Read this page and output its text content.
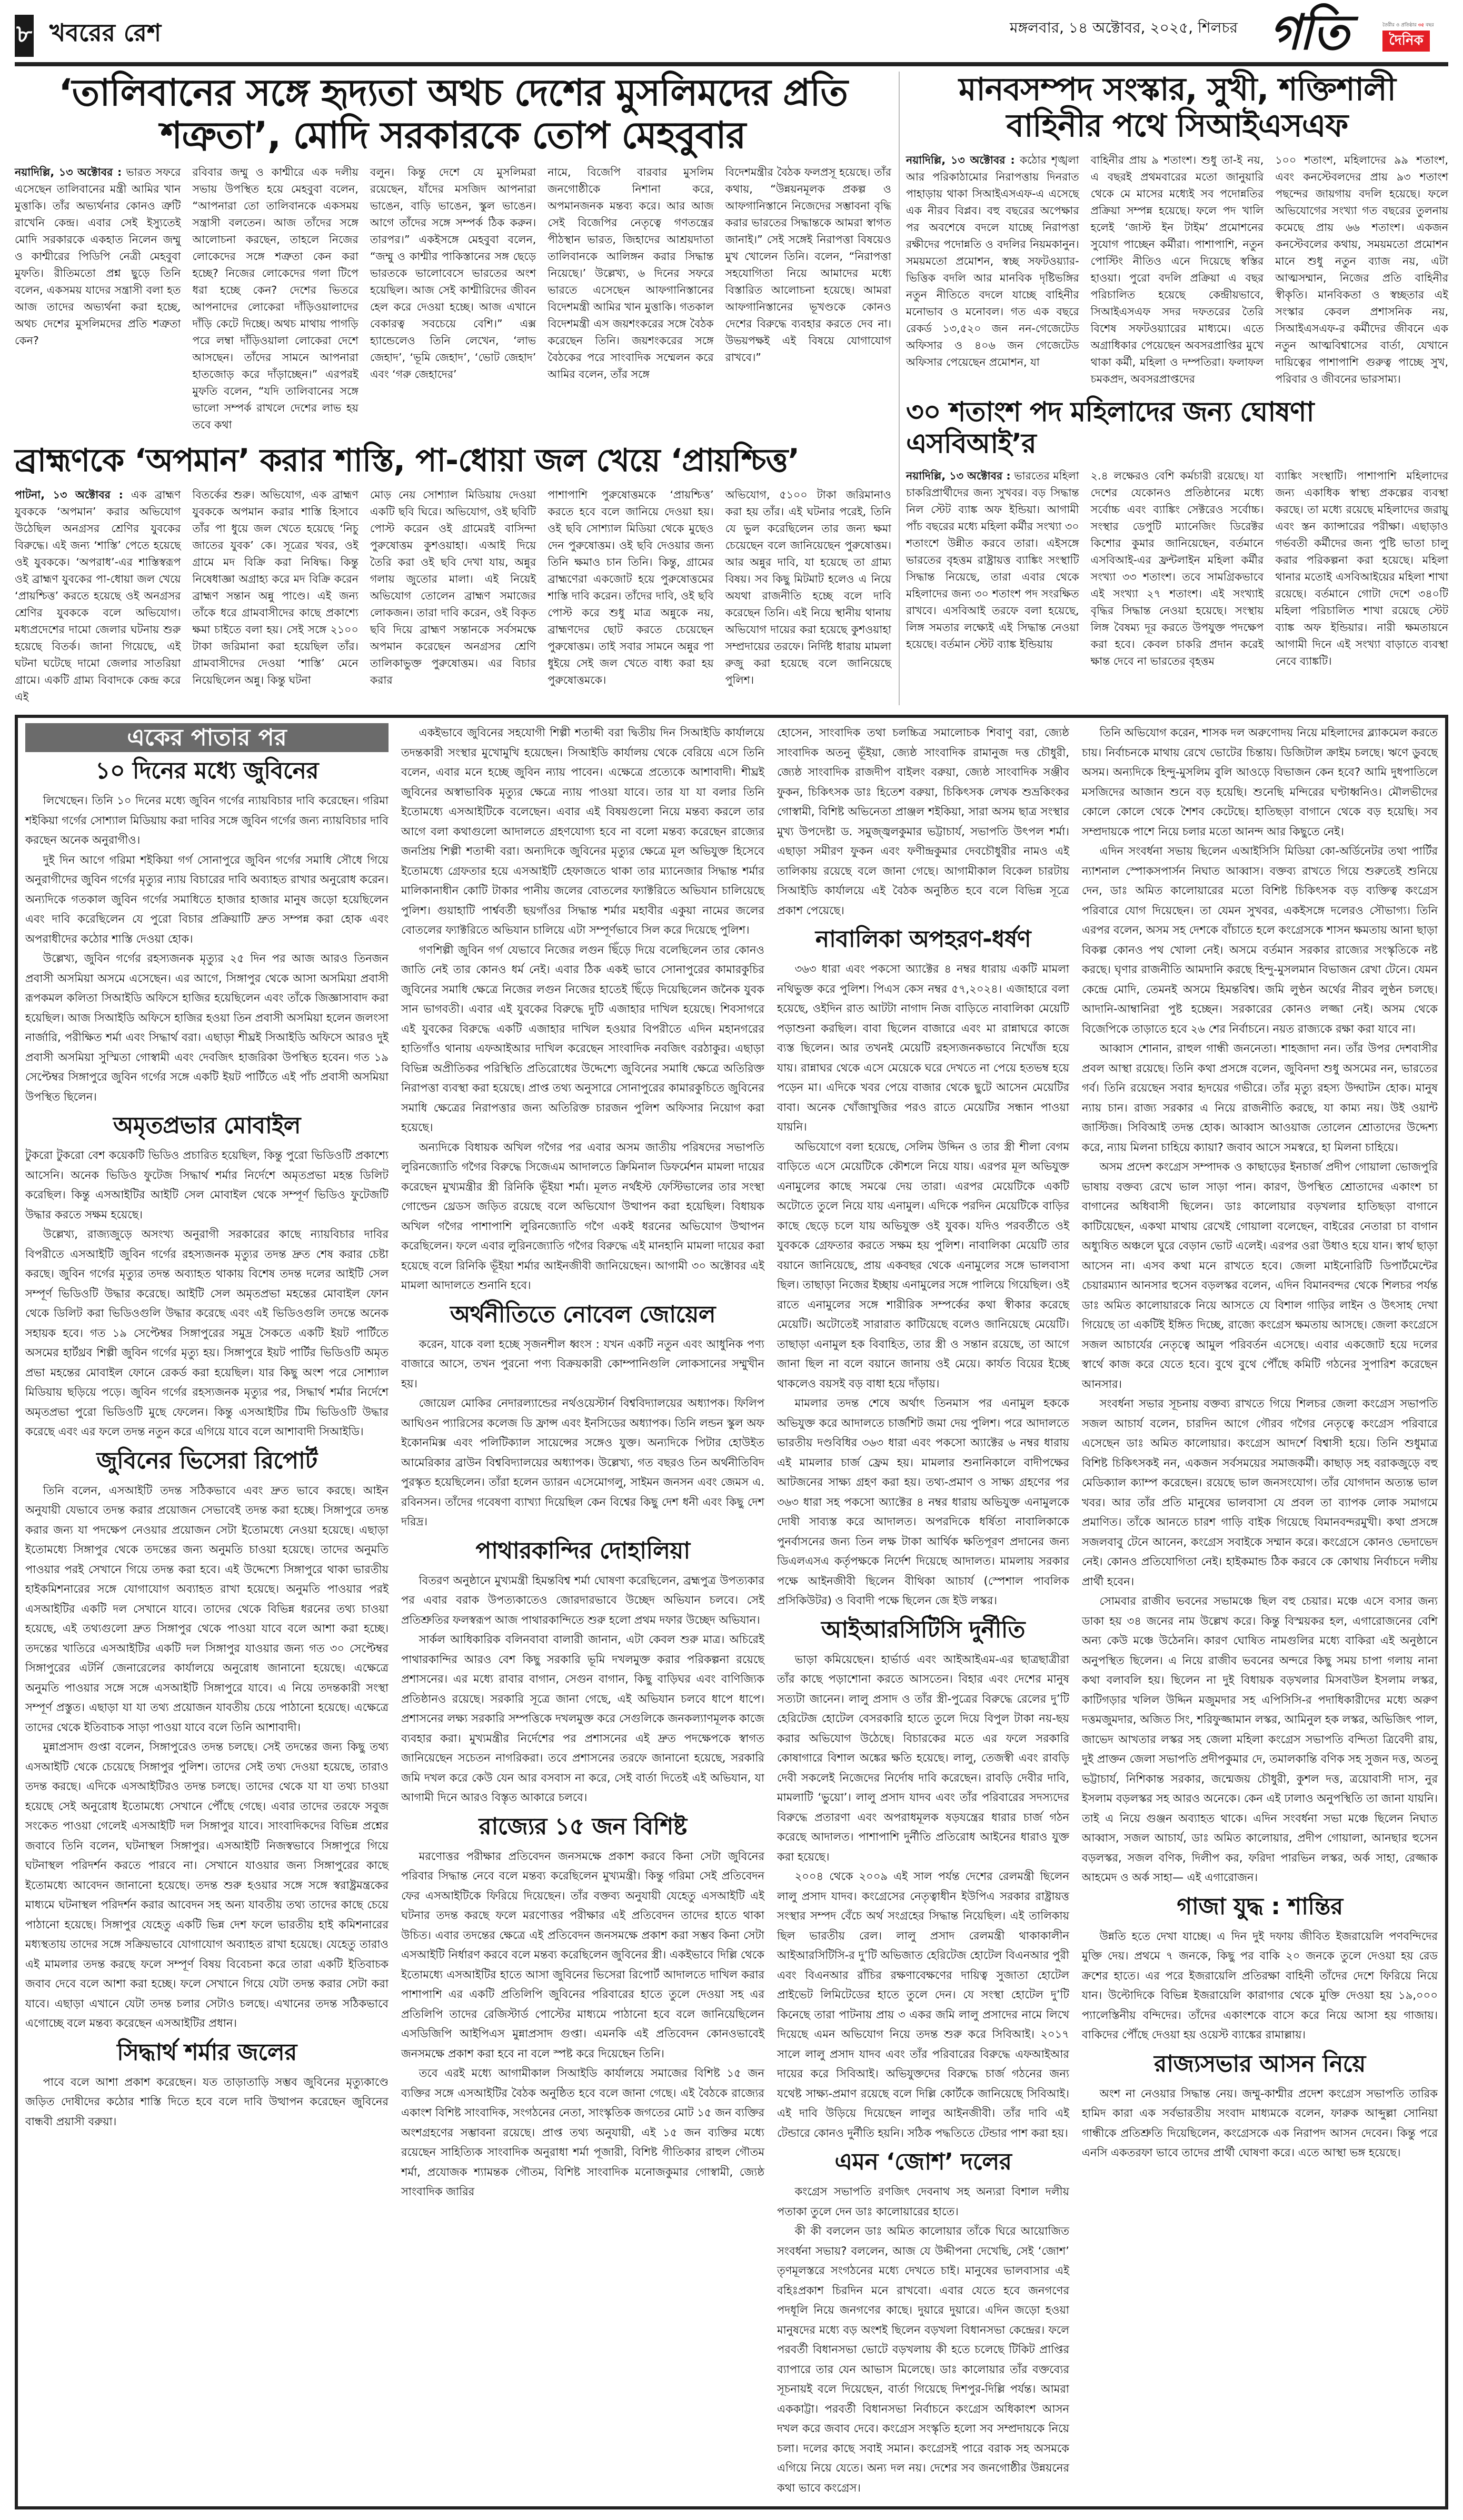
৮ খবরের রেশ	মঙ্গলবার, ১৪ অক্টোবর, ২০২৫, শিলচর গতি	তৈরীর ও প্রতিষ্ঠার ৩৫ বছর
দৈনিক
‘তালিবানের সঙ্গে হৃদ্যতা অথচ দেশের মুসলিমদের প্রতি শত্রুতা’, মোদি সরকারকে তোপ মেহবুবার

নয়াদিল্লি, ১৩ অক্টোবর : ভারত সফরে এসেছেন তালিবানের মন্ত্রী আমির খান মুত্তাকি। তাঁর অভ্যর্থনার কোনও ত্রুটি রাখেনি কেন্দ্র। এবার সেই ইস্যুতেই মোদি সরকারকে একহাত নিলেন জম্মু ও কাশ্মীরের পিডিপি নেত্রী মেহবুবা মুফতি। রীতিমতো প্রশ্ন ছুড়ে তিনি বলেন, একসময় যাদের সন্ত্রাসী বলা হত আজ তাদের অভ্যর্থনা করা হচ্ছে, অথচ দেশের মুসলিমদের প্রতি শত্রুতা কেন?

রবিবার জম্মু ও কাশ্মীরে এক দলীয় সভায় উপস্থিত হয়ে মেহবুবা বলেন, “আপনারা তো তালিবানকে একসময় সন্ত্রাসী বলতেন। আজ তাঁদের সঙ্গে আলোচনা করছেন, তাহলে নিজের লোকেদের সঙ্গে শত্রুতা কেন করা হচ্ছে? নিজের লোকেদের গলা টিপে ধরা হচ্ছে কেন? দেশের ভিতরে আপনাদের লোকেরা দাঁড়িওয়ালাদের দাঁড়ি কেটে দিচ্ছে। অথচ মাথায় পাগড়ি পরে লম্বা দাঁড়িওয়ালা লোকেরা দেশে আসছেন। তাঁদের সামনে আপনারা হাতজোড় করে দাঁড়াচ্ছেন।” এরপরই মুফতি বলেন, “যদি তালিবানের সঙ্গে ভালো সম্পর্ক রাখলে দেশের লাভ হয় তবে কথা

বলুন। কিন্তু দেশে যে মুসলিমরা রয়েছেন, যাঁদের মসজিদ আপনারা ভাঙেন, বাড়ি ভাঙেন, স্কুল ভাঙেন। আগে তাঁদের সঙ্গে সম্পর্ক ঠিক করুন। তারপর।” একইসঙ্গে মেহবুবা বলেন, “জম্মু ও কাশ্মীর পাকিস্তানের সঙ্গ ছেড়ে ভারতকে ভালোবেসে ভারতের অংশ হয়েছিল। আজ সেই কাশ্মীরিদের জীবন হেল করে দেওয়া হচ্ছে। আজ এখানে বেকারত্ব সবচেয়ে বেশি।” এক্স হ্যান্ডেলেও তিনি লেখেন, ‘লাভ জেহাদ’, ‘ভূমি জেহাদ’, ‘ভোট জেহাদ’ এবং ‘গরু জেহাদের’

নামে, বিজেপি বারবার মুসলিম জনগোষ্ঠীকে নিশানা করে, অপমানজনক মন্তব্য করে। আর আজ সেই বিজেপির নেতৃত্বে গণতন্ত্রের পীঠস্থান ভারত, জিহাদের আশ্রয়দাতা তালিবানকে আলিঙ্গন করার সিদ্ধান্ত নিয়েছে।’ উল্লেখ্য, ৬ দিনের সফরে ভারতে এসেছেন আফগানিস্তানের বিদেশমন্ত্রী আমির খান মুত্তাকি। গতকাল বিদেশমন্ত্রী এস জয়শংকরের সঙ্গে বৈঠক করেছেন তিনি। জয়শংকরের সঙ্গে বৈঠকের পরে সাংবাদিক সম্মেলন করে আমির বলেন, তাঁর সঙ্গে

বিদেশমন্ত্রীর বৈঠক ফলপ্রসূ হয়েছে। তাঁর কথায়, “উন্নয়নমূলক প্রকল্প ও আফগানিস্তানে নিজেদের সম্ভাবনা বৃদ্ধি করার ভারতের সিদ্ধান্তকে আমরা স্বাগত জানাই।” সেই সঙ্গেই নিরাপত্তা বিষয়েও মুখ খোলেন তিনি। বলেন, “নিরাপত্তা সহযোগিতা নিয়ে আমাদের মধ্যে বিস্তারিত আলোচনা হয়েছে। আমরা আফগানিস্তানের ভূখণ্ডকে কোনও দেশের বিরুদ্ধে ব্যবহার করতে দেব না। উভয়পক্ষই এই বিষয়ে যোগাযোগ রাখবে।”

ব্রাহ্মণকে ‘অপমান’ করার শাস্তি, পা-ধোয়া জল খেয়ে ‘প্রায়শ্চিত্ত’

পাটনা, ১৩ অক্টোবর : এক ব্রাহ্মণ যুবককে ‘অপমান’ করার অভিযোগ উঠেছিল অনগ্রসর শ্রেণির যুবকের বিরুদ্ধে। এই জন্য ‘শাস্তি’ পেতে হয়েছে ওই যুবককে। ‘অপরাধ’-এর শাস্তিস্বরূপ ওই ব্রাহ্মণ যুবকের পা-ধোয়া জল খেয়ে ‘প্রায়শ্চিত্ত’ করতে হয়েছে ওই অনগ্রসর শ্রেণির যুবককে বলে অভিযোগ। মধ্যপ্রদেশের দামো জেলার ঘটনায় শুরু হয়েছে বিতর্ক। জানা গিয়েছে, এই ঘটনা ঘটেছে দামো জেলার সাতরিয়া গ্রামে। একটি গ্রাম্য বিবাদকে কেন্দ্র করে এই

বিতর্কের শুরু। অভিযোগ, এক ব্রাহ্মণ যুবককে অপমান করার শাস্তি হিসাবে তাঁর পা ধুয়ে জল খেতে হয়েছে ‘নিচু জাতের যুবক’ কে। সূত্রের খবর, ওই গ্রামে মদ বিক্রি করা নিষিদ্ধ। কিন্তু নিষেধাজ্ঞা অগ্রাহ্য করে মদ বিক্রি করেন ব্রাহ্মণ সন্তান অন্নু পাণ্ডে। এই জন্য তাঁকে ধরে গ্রামবাসীদের কাছে প্রকাশ্যে ক্ষমা চাইতে বলা হয়। সেই সঙ্গে ২১০০ টাকা জরিমানা করা হয়েছিল তাঁর। গ্রামবাসীদের দেওয়া ‘শাস্তি’ মেনে নিয়েছিলেন অন্নু। কিন্তু ঘটনা

মোড় নেয় সোশ্যাল মিডিয়ায় দেওয়া একটি ছবি ঘিরে। অভিযোগ, ওই ছবিটি পোস্ট করেন ওই গ্রামেরই বাসিন্দা পুরুষোত্তম কুশওয়াহা। এআই দিয়ে তৈরি করা ওই ছবি দেখা যায়, অন্নুর গলায় জুতোর মালা। এই নিয়েই অভিযোগ তোলেন ব্রাহ্মণ সমাজের লোকজন। তারা দাবি করেন, ওই বিকৃত ছবি দিয়ে ব্রাহ্মণ সন্তানকে সর্বসমক্ষে অপমান করেছেন অনগ্রসর শ্রেণি তালিকাভুক্ত পুরুষোত্তম। এর বিচার করার

পাশাপাশি পুরুষোত্তমকে ‘প্রায়শ্চিত্ত’ করতে হবে বলে জানিয়ে দেওয়া হয়। ওই ছবি সোশ্যাল মিডিয়া থেকে মুছেও দেন পুরুষোত্তম। ওই ছবি দেওয়ার জন্য তিনি ক্ষমাও চান তিনি। কিন্তু, গ্রামের ব্রাহ্মণেরা একজোট হয়ে পুরুষোত্তমের শাস্তি দাবি করেন। তাঁদের দাবি, ওই ছবি পোস্ট করে শুধু মাত্র অন্নুকে নয়, ব্রাহ্মণদের ছোট করতে চেয়েছেন পুরুষোত্তম। তাই সবার সামনে অন্নুর পা ধুইয়ে সেই জল খেতে বাধ্য করা হয় পুরুষোত্তমকে।

অভিযোগ, ৫১০০ টাকা জরিমানাও করা হয় তাঁর। এই ঘটনার পরেই, তিনি যে ভুল করেছিলেন তার জন্য ক্ষমা চেয়েছেন বলে জানিয়েছেন পুরুষোত্তম। আর অন্নুর দাবি, যা হয়েছে তা গ্রাম্য বিষয়। সব কিছু মিটমাট হলেও এ নিয়ে অযথা রাজনীতি হচ্ছে বলে দাবি করেছেন তিনি। এই নিয়ে স্থানীয় থানায় অভিযোগ দায়ের করা হয়েছে কুশওয়াহা সম্প্রদায়ের তরফে। নির্দিষ্ট ধারায় মামলা রুজু করা হয়েছে বলে জানিয়েছে পুলিশ।

মানবসম্পদ সংস্কার, সুখী, শক্তিশালী বাহিনীর পথে সিআইএসএফ

নয়াদিল্লি, ১৩ অক্টোবর : কঠোর শৃঙ্খলা আর পরিকাঠামোর নিরাপত্তায় দিনরাত পাহাড়ায় থাকা সিআইএসএফ-এ এসেছে এক নীরব বিপ্লব। বহু বছরের অপেক্ষার পর অবশেষে বদলে যাচ্ছে নিরাপত্তা রক্ষীদের পদোন্নতি ও বদলির নিয়মকানুন। সময়মতো প্রমোশন, স্বচ্ছ সফটওয়্যার-ভিত্তিক বদলি আর মানবিক দৃষ্টিভঙ্গির নতুন নীতিতে বদলে যাচ্ছে বাহিনীর মনোভাব ও মনোবল। গত এক বছরে রেকর্ড ১৩,৫২০ জন নন-গেজেটেড অফিসার ও ৪০৬ জন গেজেটেড অফিসার পেয়েছেন প্রমোশন, যা

বাহিনীর প্রায় ৯ শতাংশ। শুধু তা-ই নয়, এ বছরই প্রথমবারের মতো জানুয়ারি থেকে মে মাসের মধ্যেই সব পদোন্নতির প্রক্রিয়া সম্পন্ন হয়েছে। ফলে পদ খালি হলেই ‘জাস্ট ইন টাইম’ প্রমোশনের সুযোগ পাচ্ছেন কর্মীরা। পাশাপাশি, নতুন পোস্টিং নীতিও এনে দিয়েছে স্বস্তির হাওয়া। পুরো বদলি প্রক্রিয়া এ বছর পরিচালিত হয়েছে কেন্দ্রীয়ভাবে, সিআইএসএফ সদর দফতরের তৈরি বিশেষ সফটওয়্যারের মাধ্যমে। এতে অগ্রাধিকার পেয়েছেন অবসরপ্রাপ্তির মুখে থাকা কর্মী, মহিলা ও দম্পতিরা। ফলাফল চমকপ্রদ, অবসরপ্রাপ্তদের

১০০ শতাংশ, মহিলাদের ৯৯ শতাংশ, এবং কনস্টেবলদের প্রায় ৯৩ শতাংশ পছন্দের জায়গায় বদলি হয়েছে। ফলে অভিযোগের সংখ্যা গত বছরের তুলনায় কমেছে প্রায় ৬৬ শতাংশ। একজন কনস্টেবলের কথায়, সময়মতো প্রমোশন মানে শুধু নতুন ব্যাজ নয়, এটা আত্মসম্মান, নিজের প্রতি বাহিনীর স্বীকৃতি। মানবিকতা ও স্বচ্ছতার এই সংস্কার কেবল প্রশাসনিক নয়, সিআইএসএফ-র কর্মীদের জীবনে এক নতুন আত্মবিশ্বাসের বার্তা, যেখানে দায়িত্বের পাশাপাশি গুরুত্ব পাচ্ছে সুখ, পরিবার ও জীবনের ভারসাম্য।

৩০ শতাংশ পদ মহিলাদের জন্য ঘোষণা এসবিআই’র

নয়াদিল্লি, ১৩ অক্টোবর : ভারতের মহিলা চাকরিপ্রার্থীদের জন্য সুখবর। বড় সিদ্ধান্ত নিল স্টেট ব্যাঙ্ক অফ ইন্ডিয়া। আগামী পাঁচ বছরের মধ্যে মহিলা কর্মীর সংখ্যা ৩০ শতাংশে উন্নীত করবে তারা। এইসঙ্গে ভারতের বৃহত্তম রাষ্ট্রায়ত্ত ব্যাঙ্কিং সংস্থাটি সিদ্ধান্ত নিয়েছে, তারা এবার থেকে মহিলাদের জন্য ৩০ শতাংশ পদ সংরক্ষিত রাখবে। এসবিআই তরফে বলা হয়েছে, লিঙ্গ সমতার লক্ষ্যেই এই সিদ্ধান্ত নেওয়া হয়েছে। বর্তমান স্টেট ব্যাঙ্ক ইন্ডিয়ায়

২.৪ লক্ষেরও বেশি কর্মচারী রয়েছে। যা দেশের যেকোনও প্রতিষ্ঠানের মধ্যে সর্বোচ্চ এবং ব্যাঙ্কিং সেক্টরেও সর্বোচ্চ। সংস্থার ডেপুটি ম্যানেজিং ডিরেক্টর কিশোর কুমার জানিয়েছেন, বর্তমানে এসবিআই-এর ফ্রন্টলাইন মহিলা কর্মীর সংখ্যা ৩৩ শতাংশ। তবে সামগ্রিকভাবে এই সংখ্যা ২৭ শতাংশ। এই সংখ্যাই বৃদ্ধির সিদ্ধান্ত নেওয়া হয়েছে। সংস্থায় লিঙ্গ বৈষম্য দূর করতে উপযুক্ত পদক্ষেপ করা হবে। কেবল চাকরি প্রদান করেই ক্ষান্ত দেবে না ভারতের বৃহত্তম

ব্যাঙ্কিং সংস্থাটি। পাশাপাশি মহিলাদের জন্য একাধিক স্বাস্থ্য প্রকল্পের ব্যবস্থা করছে। তা মধ্যে রয়েছে মহিলাদের জরায়ু এবং স্তন ক্যান্সারের পরীক্ষা। এছাড়াও গর্ভবতী কর্মীদের জন্য পুষ্টি ভাতা চালু করার পরিকল্পনা করা হয়েছে। মহিলা থানার মতোই এসবিআইয়ের মহিলা শাখা রয়েছে। বর্তমানে গোটা দেশে ৩৪০টি মহিলা পরিচালিত শাখা রয়েছে স্টেট ব্যাঙ্ক অফ ইন্ডিয়ার। নারী ক্ষমতায়নে আগামী দিনে এই সংখ্যা বাড়াতে ব্যবস্থা নেবে ব্যাঙ্কটি।

একের পাতার পর
১০ দিনের মধ্যে জুবিনের

লিখেছেন। তিনি ১০ দিনের মধ্যে জুবিন গর্গের ন্যায়বিচার দাবি করেছেন। গরিমা শইকিয়া গর্গের সোশ্যাল মিডিয়ায় করা দাবির সঙ্গে জুবিন গর্গের জন্য ন্যায়বিচার দাবি করছেন অনেক অনুরাগীও।

দুই দিন আগে গরিমা শইকিয়া গর্গ সোনাপুরে জুবিন গর্গের সমাধি সৌধে গিয়ে অনুরাগীদের জুবিন গর্গের মৃত্যুর ন্যায় বিচারের দাবি অব্যাহত রাখার অনুরোধ করেন। অন্যদিকে গতকাল জুবিন গর্গের সমাধিতে হাজার হাজার মানুষ জড়ো হয়েছিলেন এবং দাবি করেছিলেন যে পুরো বিচার প্রক্রিয়াটি দ্রুত সম্পন্ন করা হোক এবং অপরাধীদের কঠোর শাস্তি দেওয়া হোক।

উল্লেখ্য, জুবিন গর্গের রহস্যজনক মৃত্যুর ২৫ দিন পর আজ আরও তিনজন প্রবাসী অসমিয়া অসমে এসেছেন। এর আগে, সিঙ্গাপুর থেকে আসা অসমিয়া প্রবাসী রূপকমল কলিতা সিআইডি অফিসে হাজির হয়েছিলেন এবং তাঁকে জিজ্ঞাসাবাদ করা হয়েছিল। আজ সিআইডি অফিসে হাজির হওয়া তিন প্রবাসী অসমিয়া হলেন জলংসা নার্জারি, পরীক্ষিত শর্মা এবং সিদ্ধার্থ বরা। এছাড়া শীঘ্রই সিআইডি অফিসে আরও দুই প্রবাসী অসমিয়া সুস্মিতা গোস্বামী এবং দেবজিৎ হাজরিকা উপস্থিত হবেন। গত ১৯ সেপ্টেম্বর সিঙ্গাপুরে জুবিন গর্গের সঙ্গে একটি ইয়ট পার্টিতে এই পাঁচ প্রবাসী অসমিয়া উপস্থিত ছিলেন।

অমৃতপ্রভার মোবাইল

টুকরো টুকরো বেশ কয়েকটি ভিডিও প্রচারিত হয়েছিল, কিন্তু পুরো ভিডিওটি প্রকাশ্যে আসেনি। অনেক ভিডিও ফুটেজ সিদ্ধার্থ শর্মার নির্দেশে অমৃতপ্রভা মহন্ত ডিলিট করেছিল। কিন্তু এসআইটির আইটি সেল মোবাইল থেকে সম্পূর্ণ ভিডিও ফুটেজটি উদ্ধার করতে সক্ষম হয়েছে।

উল্লেখ্য, রাজ্যজুড়ে অসংখ্য অনুরাগী সরকারের কাছে ন্যায়বিচার দাবির বিপরীতে এসআইটি জুবিন গর্গের রহস্যজনক মৃত্যুর তদন্ত দ্রুত শেষ করার চেষ্টা করছে। জুবিন গর্গের মৃত্যুর তদন্ত অব্যাহত থাকায় বিশেষ তদন্ত দলের আইটি সেল সম্পূর্ণ ভিডিওটি উদ্ধার করেছে। আইটি সেল অমৃতপ্রভা মহন্তের মোবাইল ফোন থেকে ডিলিট করা ভিডিওগুলি উদ্ধার করেছে এবং এই ভিডিওগুলি তদন্তে অনেক সহায়ক হবে। গত ১৯ সেপ্টেম্বর সিঙ্গাপুরের সমুদ্র সৈকতে একটি ইয়ট পার্টিতে অসমের হার্টথ্রব শিল্পী জুবিন গর্গের মৃত্যু হয়। সিঙ্গাপুরে ইয়ট পার্টির ভিডিওটি অমৃত প্রভা মহন্তের মোবাইল ফোনে রেকর্ড করা হয়েছিল। যার কিছু অংশ পরে সোশ্যাল মিডিয়ায় ছড়িয়ে পড়ে। জুবিন গর্গের রহস্যজনক মৃত্যুর পর, সিদ্ধার্থ শর্মার নির্দেশে অমৃতপ্রভা পুরো ভিডিওটি মুছে ফেলেন। কিন্তু এসআইটির টিম ভিডিওটি উদ্ধার করেছে এবং এর ফলে তদন্ত নতুন করে এগিয়ে যাবে বলে আশাবাদী সিআইডি।

জুবিনের ভিসেরা রিপোর্ট

তিনি বলেন, এসআইটি তদন্ত সঠিকভাবে এবং দ্রুত ভাবে করছে। আইন অনুযায়ী যেভাবে তদন্ত করার প্রয়োজন সেভাবেই তদন্ত করা হচ্ছে। সিঙ্গাপুরে তদন্ত করার জন্য যা পদক্ষেপ নেওয়ার প্রয়োজন সেটা ইতোমধ্যে নেওয়া হয়েছে। এছাড়া ইতোমধ্যে সিঙ্গাপুর থেকে তদন্তের জন্য অনুমতি চাওয়া হয়েছে। তাদের অনুমতি পাওয়ার পরই সেখানে গিয়ে তদন্ত করা হবে। এই উদ্দেশ্যে সিঙ্গাপুরে থাকা ভারতীয় হাইকমিশনারের সঙ্গে যোগাযোগ অব্যাহত রাখা হয়েছে। অনুমতি পাওয়ার পরই এসআইটির একটি দল সেখানে যাবে। তাদের থেকে বিভিন্ন ধরনের তথ্য চাওয়া হয়েছে, এই তথ্যগুলো দ্রুত সিঙ্গাপুর থেকে পাওয়া যাবে বলে আশা করা হচ্ছে। তদন্তের খাতিরে এসআইটির একটি দল সিঙ্গাপুর যাওয়ার জন্য গত ৩০ সেপ্টেম্বর সিঙ্গাপুরের এটর্নি জেনারেলের কার্যালয়ে অনুরোধ জানানো হয়েছে। এক্ষেত্রে অনুমতি পাওয়ার সঙ্গে সঙ্গে এসআইটি সিঙ্গাপুরে যাবে। এ নিয়ে তদন্তকারী সংস্থা সম্পূর্ণ প্রস্তুত। এছাড়া যা যা তথ্য প্রয়োজন যাবতীয় চেয়ে পাঠানো হয়েছে। এক্ষেত্রে তাদের থেকে ইতিবাচক সাড়া পাওয়া যাবে বলে তিনি আশাবাদী।

মুন্নাপ্রসাদ গুপ্তা বলেন, সিঙ্গাপুরেও তদন্ত চলছে। সেই তদন্তের জন্য কিছু তথ্য এসআইটি থেকে চেয়েছে সিঙ্গাপুর পুলিশ। তাদের সেই তথ্য দেওয়া হয়েছে, তারাও তদন্ত করছে। এদিকে এসআইটিরও তদন্ত চলছে। তাদের থেকে যা যা তথ্য চাওয়া হয়েছে সেই অনুরোধ ইতোমধ্যে সেখানে পৌঁছে গেছে। এবার তাদের তরফে সবুজ সংকেত পাওয়া গেলেই এসআইটি দল সিঙ্গাপুর যাবে। সাংবাদিকদের বিভিন্ন প্রশ্নের জবাবে তিনি বলেন, ঘটনাস্থল সিঙ্গাপুর। এসআইটি নিজস্বভাবে সিঙ্গাপুরে গিয়ে ঘটনাস্থল পরিদর্শন করতে পারবে না। সেখানে যাওয়ার জন্য সিঙ্গাপুরের কাছে ইতোমধ্যে আবেদন জানানো হয়েছে। তদন্ত শুরু হওয়ার সঙ্গে সঙ্গে স্বরাষ্ট্রমন্ত্রকের মাধ্যমে ঘটনাস্থল পরিদর্শন করার আবেদন সহ অন্য যাবতীয় তথ্য তাদের কাছে চেয়ে পাঠানো হয়েছে। সিঙ্গাপুর যেহেতু একটি ভিন্ন দেশ ফলে ভারতীয় হাই কমিশনারের মধ্যস্থতায় তাদের সঙ্গে সক্রিয়ভাবে যোগাযোগ অব্যাহত রাখা হয়েছে। যেহেতু তারাও এই মামলার তদন্ত করছে ফলে সম্পূর্ণ বিষয় বিবেচনা করে তারা একটি ইতিবাচক জবাব দেবে বলে আশা করা হচ্ছে। ফলে সেখানে গিয়ে যেটা তদন্ত করার সেটা করা যাবে। এছাড়া এখানে যেটা তদন্ত চলার সেটাও চলছে। এখানের তদন্ত সঠিকভাবে এগোচ্ছে বলে মন্তব্য করেছেন এসআইটির প্রধান।

সিদ্ধার্থ শর্মার জলের

পাবে বলে আশা প্রকাশ করেছেন। যত তাড়াতাড়ি সম্ভব জুবিনের মৃত্যুকাণ্ডে জড়িত দোষীদের কঠোর শাস্তি দিতে হবে বলে দাবি উত্থাপন করেছেন জুবিনের বান্ধবী প্রয়াসী বরুয়া।

একইভাবে জুবিনের সহযোগী শিল্পী শতাব্দী বরা দ্বিতীয় দিন সিআইডি কার্যালয়ে তদন্তকারী সংস্থার মুখোমুখি হয়েছেন। সিআইডি কার্যালয় থেকে বেরিয়ে এসে তিনি বলেন, এবার মনে হচ্ছে জুবিন ন্যায় পাবেন। এক্ষেত্রে প্রত্যেকে আশাবাদী। শীঘ্রই জুবিনের অস্বাভাবিক মৃত্যুর ক্ষেত্রে ন্যায় পাওয়া যাবে। তার যা যা বলার তিনি ইতোমধ্যে এসআইটিকে বলেছেন। এবার এই বিষয়গুলো নিয়ে মন্তব্য করলে তার আগে বলা কথাগুলো আদালতে গ্রহণযোগ্য হবে না বলো মন্তব্য করেছেন রাজ্যের জনপ্রিয় শিল্পী শতাব্দী বরা। অন্যদিকে জুবিনের মৃত্যুর ক্ষেত্রে মূল অভিযুক্ত হিসেবে ইতোমধ্যে গ্রেফতার হয়ে এসআইটি হেফাজতে থাকা তার ম্যানেজার সিদ্ধান্ত শর্মার মালিকানাধীন কোটি টাকার পানীয় জলের বোতলের ফ্যাক্টরিতে অভিযান চালিয়েছে পুলিশ। গুয়াহাটি পার্শ্ববর্তী ছয়গাঁওর সিদ্ধান্ত শর্মার মহাবীর একুয়া নামের জলের বোতলের ফ্যাক্টরিতে অভিযান চালিয়ে এটা সম্পূর্ণভাবে সিল করে দিয়েছে পুলিশ।

গণশিল্পী জুবিন গর্গ যেভাবে নিজের লগুন ছিঁড়ে দিয়ে বলেছিলেন তার কোনও জাতি নেই তার কোনও ধর্ম নেই। এবার ঠিক একই ভাবে সোনাপুরের কামারকুচির জুবিনের সমাধি ক্ষেত্রে নিজের লগুন নিজের হাতেই ছিঁড়ে দিয়েছিলেন জনৈক যুবক সান ভাগবতী। এবার এই যুবকের বিরুদ্ধে দুটি এজাহার দাখিল হয়েছে। শিবসাগরে এই যুবকের বিরুদ্ধে একটি এজাহার দাখিল হওয়ার বিপরীতে এদিন মহানগরের হাতিগাঁও থানায় এফআইআর দাখিল করেছেন সাংবাদিক নবজিৎ বরঠাকুর। এছাড়া বিভিন্ন অপ্রীতিকর পরিস্থিতি প্রতিরোধের উদ্দেশ্যে জুবিনের সমাধি ক্ষেত্রে অতিরিক্ত নিরাপত্তা ব্যবস্থা করা হয়েছে। প্রাপ্ত তথ্য অনুসারে সোনাপুরের কামারকুচিতে জুবিনের সমাধি ক্ষেত্রের নিরাপত্তার জন্য অতিরিক্ত চারজন পুলিশ অফিসার নিয়োগ করা হয়েছে।

অন্যদিকে বিধায়ক অখিল গগৈর পর এবার অসম জাতীয় পরিষদের সভাপতি লুরিনজ্যোতি গগৈর বিরুদ্ধে সিজেএম আদালতে ক্রিমিনাল ডিফর্মেশন মামলা দায়ের করেছেন মুখ্যমন্ত্রীর স্ত্রী রিনিকি ভূঁইয়া শর্মা। মূলত নর্থইস্ট ফেস্টিভালের তার সংস্থা গোল্ডেন থ্রেডস জড়িত রয়েছে বলে অভিযোগ উত্থাপন করা হয়েছিল। বিধায়ক অখিল গগৈর পাশাপাশি লুরিনজ্যোতি গগৈ একই ধরনের অভিযোগ উত্থাপন করেছিলেন। ফলে এবার লুরিনজ্যোতি গগৈর বিরুদ্ধে এই মানহানি মামলা দায়ের করা হয়েছে বলে রিনিকি ভূঁইয়া শর্মার আইনজীবী জানিয়েছেন। আগামী ৩০ অক্টোবর এই মামলা আদালতে শুনানি হবে।

অর্থনীতিতে নোবেল জোয়েল

করেন, যাকে বলা হচ্ছে সৃজনশীল ধ্বংস : যখন একটি নতুন এবং আধুনিক পণ্য বাজারে আসে, তখন পুরনো পণ্য বিক্রয়কারী কোম্পানিগুলি লোকসানের সম্মুখীন হয়।

জোয়েল মোকির নেদারল্যান্ডের নর্থওয়েস্টার্ন বিশ্ববিদ্যালয়ের অধ্যাপক। ফিলিপ আঘিওন প্যারিসের কলেজ ডি ফ্রান্স এবং ইনসিডের অধ্যাপক। তিনি লন্ডন স্কুল অফ ইকোনমিক্স এবং পলিটিক্যাল সায়েন্সের সঙ্গেও যুক্ত। অন্যদিকে পিটার হোউইত আমেরিকার ব্রাউন বিশ্ববিদ্যালয়ের অধ্যাপক। উল্লেখ্য, গত বছরও তিন অর্থনীতিবিদ পুরস্কৃত হয়েছিলেন। তাঁরা হলেন ড্যারন এসেমোগলু, সাইমন জনসন এবং জেমস এ. রবিনসন। তাঁদের গবেষণা ব্যাখ্যা দিয়েছিল কেন বিশ্বের কিছু দেশ ধনী এবং কিছু দেশ দরিদ্র।

পাথারকান্দির দোহালিয়া

বিতরণ অনুষ্ঠানে মুখ্যমন্ত্রী হিমন্তবিশ্ব শর্মা ঘোষণা করেছিলেন, ব্রহ্মপুত্র উপত্যকার পর এবার বরাক উপত্যকাতেও জোরদারভাবে উচ্ছেদ অভিযান চলবে। সেই প্রতিশ্রুতির ফলস্বরূপ আজ পাথারকান্দিতে শুরু হলো প্রথম দফার উচ্ছেদ অভিযান।

সার্কল আধিকারিক বলিনবাবা বালারী জানান, এটা কেবল শুরু মাত্র। অচিরেই পাথারকান্দির আরও বেশ কিছু সরকারি ভূমি দখলমুক্ত করার পরিকল্পনা রয়েছে প্রশাসনের। এর মধ্যে রাবার বাগান, সেগুন বাগান, কিছু বাড়িঘর এবং বাণিজ্যিক প্রতিষ্ঠানও রয়েছে। সরকারি সূত্রে জানা গেছে, এই অভিযান চলবে ধাপে ধাপে। প্রশাসনের লক্ষ্য সরকারি সম্পত্তিকে দখলমুক্ত করে সেগুলিকে জনকল্যাণমূলক কাজে ব্যবহার করা। মুখ্যমন্ত্রীর নির্দেশের পর প্রশাসনের এই দ্রুত পদক্ষেপকে স্বাগত জানিয়েছেন সচেতন নাগরিকরা। তবে প্রশাসনের তরফে জানানো হয়েছে, সরকারি জমি দখল করে কেউ যেন আর বসবাস না করে, সেই বার্তা দিতেই এই অভিযান, যা আগামী দিনে আরও বিস্তৃত আকারে চলবে।

রাজ্যের ১৫ জন বিশিষ্ট

মরণোত্তর পরীক্ষার প্রতিবেদন জনসমক্ষে প্রকাশ করবে কিনা সেটা জুবিনের পরিবার সিদ্ধান্ত নেবে বলে মন্তব্য করেছিলেন মুখ্যমন্ত্রী। কিন্তু গরিমা সেই প্রতিবেদন ফের এসআইটিকে ফিরিয়ে দিয়েছেন। তাঁর বক্তব্য অনুযায়ী যেহেতু এসআইটি এই ঘটনার তদন্ত করছে ফলে মরণোত্তর পরীক্ষার এই প্রতিবেদন তাদের হাতে থাকা উচিত। এবার তদন্তের ক্ষেত্রে এই প্রতিবেদন জনসমক্ষে প্রকাশ করা সম্ভব কিনা সেটা এসআইটি নির্ধারণ করবে বলে মন্তব্য করেছিলেন জুবিনের স্ত্রী। একইভাবে দিল্লি থেকে ইতোমধ্যে এসআইটির হাতে আসা জুবিনের ভিসেরা রিপোর্ট আদালতে দাখিল করার পাশাপাশি এর একটি প্রতিলিপি জুবিনের পরিবারের হাতে তুলে দেওয়া সহ এর প্রতিলিপি তাদের রেজিস্টার্ড পোস্টের মাধ্যমে পাঠানো হবে বলে জানিয়েছিলেন এসডিজিপি আইপিএস মুন্নাপ্রসাদ গুপ্তা। এমনকি এই প্রতিবেদন কোনওভাবেই জনসমক্ষে প্রকাশ করা হবে না বলে স্পষ্ট করে দিয়েছেন তিনি।

তবে এরই মধ্যে আগামীকাল সিআইডি কার্যালয়ে সমাজের বিশিষ্ট ১৫ জন ব্যক্তির সঙ্গে এসআইটির বৈঠক অনুষ্ঠিত হবে বলে জানা গেছে। এই বৈঠকে রাজ্যের একাংশ বিশিষ্ট সাংবাদিক, সংগঠনের নেতা, সাংস্কৃতিক জগতের মোট ১৫ জন ব্যক্তির অংশগ্রহণের সম্ভাবনা রয়েছে। প্রাপ্ত তথ্য অনুযায়ী, এই ১৫ জন ব্যক্তির মধ্যে রয়েছেন সাহিত্যিক সাংবাদিক অনুরাধা শর্মা পূজারী, বিশিষ্ট গীতিকার রাহুল গৌতম শর্মা, প্রযোজক শ্যামন্তক গৌতম, বিশিষ্ট সাংবাদিক মনোজকুমার গোস্বামী, জ্যেষ্ঠ সাংবাদিক জারির

হোসেন, সাংবাদিক তথা চলচ্চিত্র সমালোচক শিবাণু বরা, জ্যেষ্ঠ সাংবাদিক অতনু ভূঁইয়া, জ্যেষ্ঠ সাংবাদিক রামানুজ দত্ত চৌধুরী, জ্যেষ্ঠ সাংবাদিক রাজদীপ বাইলং বরুয়া, জ্যেষ্ঠ সাংবাদিক সঞ্জীব ফুকন, চিকিৎসক ডাঃ হিতেশ বরুয়া, চিকিৎসক লেখক শুভ্রকিংকর গোস্বামী, বিশিষ্ট অভিনেতা প্রাঞ্জল শইকিয়া, সারা অসম ছাত্র সংস্থার মুখ্য উপদেষ্টা ড. সমুজ্জ্বলকুমার ভট্টাচার্য, সভাপতি উৎপল শর্মা। এছাড়া সমীরণ ফুকন এবং ফণীন্দ্রকুমার দেবচৌধুরীর নামও এই তালিকায় রয়েছে বলে জানা গেছে। আগামীকাল বিকেল চারটায় সিআইডি কার্যালয়ে এই বৈঠক অনুষ্ঠিত হবে বলে বিভিন্ন সূত্রে প্রকাশ পেয়েছে।

নাবালিকা অপহরণ-ধর্ষণ

৩৬৩ ধারা এবং পকসো অ্যাক্টের ৪ নম্বর ধারায় একটি মামলা নথিভুক্ত করে পুলিশ। পিএস কেস নম্বর ৫৭,২০২৪। এজাহারে বলা হয়েছে, ওইদিন রাত আটটা নাগাদ নিজ বাড়িতে নাবালিকা মেয়েটি পড়াশুনা করছিল। বাবা ছিলেন বাজারে এবং মা রান্নাঘরে কাজে ব্যস্ত ছিলেন। আর তখনই মেয়েটি রহস্যজনকভাবে নিখোঁজ হয়ে যায়। রান্নাঘর থেকে এসে মেয়েকে ঘরে দেখতে না পেয়ে হতভম্ব হয়ে পড়েন মা। এদিকে খবর পেয়ে বাজার থেকে ছুটে আসেন মেয়েটির বাবা। অনেক খোঁজাখুজির পরও রাতে মেয়েটির সন্ধান পাওয়া যায়নি।

অভিযোগে বলা হয়েছে, সেলিম উদ্দিন ও তার স্ত্রী শীলা বেগম বাড়িতে এসে মেয়েটিকে কৌশলে নিয়ে যায়। এরপর মূল অভিযুক্ত এনামুলের কাছে সমঝে দেয় তারা। এরপর মেয়েটিকে একটি অটোতে তুলে নিয়ে যায় এনামুল। এদিকে পরদিন মেয়েটিকে বাড়ির কাছে ছেড়ে চলে যায় অভিযুক্ত ওই যুবক। যদিও পরবর্তীতে ওই যুবককে গ্রেফতার করতে সক্ষম হয় পুলিশ। নাবালিকা মেয়েটি তার বয়ানে জানিয়েছে, প্রায় একবছর থেকে এনামুলের সঙ্গে ভালবাসা ছিল। তাছাড়া নিজের ইচ্ছায় এনামুলের সঙ্গে পালিয়ে গিয়েছিল। ওই রাতে এনামুলের সঙ্গে শারীরিক সম্পর্কের কথা স্বীকার করেছে মেয়েটি। অটোতেই সারারাত কাটিয়েছে বলেও জানিয়েছে মেয়েটি। তাছাড়া এনামুল হক বিবাহিত, তার স্ত্রী ও সন্তান রয়েছে, তা আগে জানা ছিল না বলে বয়ানে জানায় ওই মেয়ে। কার্যত বিয়ের ইচ্ছে থাকলেও বয়সই বড় বাধা হয়ে দাঁড়ায়।

মামলার তদন্ত শেষে অর্থাৎ তিনমাস পর এনামুল হককে অভিযুক্ত করে আদালতে চার্জশিট জমা দেয় পুলিশ। পরে আদালতে ভারতীয় দণ্ডবিধির ৩৬৩ ধারা এবং পকসো অ্যাক্টের ৬ নম্বর ধারায় এই মামলার চার্জ ফ্রেম হয়। মামলার শুনানিকালে বাদীপক্ষের আটজনের সাক্ষ্য গ্রহণ করা হয়। তথ্য-প্রমাণ ও সাক্ষ্য গ্রহণের পর ৩৬৩ ধারা সহ পকসো অ্যাক্টের ৪ নম্বর ধারায় অভিযুক্ত এনামুলকে দোষী সাব্যস্ত করে আদালত। অপরদিকে ধর্ষিতা নাবালিকাকে পুনর্বাসনের জন্য তিন লক্ষ টাকা আর্থিক ক্ষতিপূরণ প্রদানের জন্য ডিএলএসএ কর্তৃপক্ষকে নির্দেশ দিয়েছে আদালত। মামলায় সরকার পক্ষে আইনজীবী ছিলেন বীথিকা আচার্য (স্পেশাল পাবলিক প্রসিকিউটর) ও বিবাদী পক্ষে ছিলেন জে ইউ লস্কর।

আইআরসিটিসি দুর্নীতি

ভাড়া কমিয়েছেন। হার্ভার্ড এবং আইআইএম-এর ছাত্রছাত্রীরা তাঁর কাছে পড়াশোনা করতে আসতেন। বিহার এবং দেশের মানুষ সত্যটা জানেন। লালু প্রসাদ ও তাঁর স্ত্রী-পুত্রের বিরুদ্ধে রেলের দু’টি হেরিটেজ হোটেল বেসরকারি হাতে তুলে দিয়ে বিপুল টাকা নয়-ছয় করার অভিযোগ উঠেছে। বিচারকের মতে এর ফলে সরকারি কোষাগারে বিশাল অঙ্কের ক্ষতি হয়েছে। লালু, তেজস্বী এবং রাবড়ি দেবী সকলেই নিজেদের নির্দোষ দাবি করেছেন। রাবড়ি দেবীর দাবি, মামলাটি ‘ভুয়ো’। লালু প্রসাদ যাদব এবং তাঁর পরিবারের সদস্যদের বিরুদ্ধে প্রতারণা এবং অপরাধমূলক ষড়যন্ত্রের ধারার চার্জ গঠন করেছে আদালত। পাশাপাশি দুর্নীতি প্রতিরোধ আইনের ধারাও যুক্ত করা হয়েছে।

২০০৪ থেকে ২০০৯ এই সাল পর্যন্ত দেশের রেলমন্ত্রী ছিলেন লালু প্রসাদ যাদব। কংগ্রেসের নেতৃত্বাধীন ইউপিএ সরকার রাষ্ট্রায়ত্ত সংস্থার সম্পদ বেঁচে অর্থ সংগ্রহের সিদ্ধান্ত নিয়েছিল। এই তালিকায় ছিল ভারতীয় রেল। লালু প্রসাদ রেলমন্ত্রী থাকাকালীন আইআরসিটিসি-র দু’টি অভিজাত হেরিটেজ হোটেল বিএনআর পুরী এবং বিএনআর রাঁচির রক্ষণাবেক্ষণের দায়িত্ব সুজাতা হোটেল প্রাইভেট লিমিটেডের হাতে তুলে দেন। যে সংস্থা হোটেল দু’টি কিনেছে তারা পাটনায় প্রায় ৩ একর জমি লালু প্রসাদের নামে লিখে দিয়েছে এমন অভিযোগ নিয়ে তদন্ত শুরু করে সিবিআই। ২০১৭ সালে লালু প্রসাদ যাদব এবং তাঁর পরিবারের বিরুদ্ধে এফআইআর দায়ের করে সিবিআই। অভিযুক্তদের বিরুদ্ধে চার্জ গঠনের জন্য যথেষ্ট সাক্ষ্য-প্রমাণ রয়েছে বলে দিল্লি কোর্টকে জানিয়েছে সিবিআই। এই দাবি উড়িয়ে দিয়েছেন লালুর আইনজীবী। তাঁর দাবি এই টেন্ডারে কোনও দুর্নীতি হয়নি। সঠিক পদ্ধতিতে টেন্ডার পাশ করা হয়।

এমন ‘জোশ’ দলের

কংগ্রেস সভাপতি রণজিৎ দেবনাথ সহ অন্যরা বিশাল দলীয় পতাকা তুলে দেন ডাঃ কালোয়ারের হাতে।

কী কী বললেন ডাঃ অমিত কালোয়ার তাঁকে ঘিরে আয়োজিত সংবর্ধনা সভায়? বললেন, আজ যে উদ্দীপনা দেখেছি, সেই ‘জোশ’ তৃণমূলস্তরে সংগঠনের মধ্যে দেখতে চাই। মানুষের ভালবাসার এই বহিঃপ্রকাশ চিরদিন মনে রাখবো। এবার যেতে হবে জনগণের পদধূলি নিয়ে জনগণের কাছে। দুয়ারে দুয়ারে। এদিন জড়ো হওয়া মানুষদের মধ্যে বড় অংশই ছিলেন বড়খলা বিধানসভা কেন্দ্রের। ফলে পরবর্তী বিধানসভা ভোটে বড়খলায় কী হতে চলেছে টিকিট প্রাপ্তির ব্যাপারে তার যেন আভাস মিলেছে। ডাঃ কালোয়ার তাঁর বক্তব্যের সূচনায়ই বলে দিয়েছেন, বার্তা গিয়েছে দিশপুর-দিল্লি পর্যন্ত। আমরা এককাট্টা। পরবর্তী বিধানসভা নির্বাচনে কংগ্রেস অধিকাংশ আসন দখল করে জবাব দেবে। কংগ্রেস সংস্কৃতি হলো সব সম্প্রদায়কে নিয়ে চলা। দলের কাছে সবাই সমান। কংগ্রেসই পারে বরাক সহ অসমকে এগিয়ে নিয়ে যেতে। অন্য দল নয়। দেশের সব জনগোষ্ঠীর উন্নয়নের কথা ভাবে কংগ্রেস।

তিনি অভিযোগ করেন, শাসক দল অরুণোদয় নিয়ে মহিলাদের ব্ল্যাকমেল করতে চায়। নির্বাচনকে মাথায় রেখে ভোটের চিন্তায়। ডিজিটাল ক্রাইম চলছে। ঋণে ডুবছে অসম। অন্যদিকে হিন্দু-মুসলিম বুলি আওড়ে বিভাজন কেন হবে? আমি দুধপাতিলে মসজিদের আজান শুনে বড় হয়েছি। শুনেছি মন্দিরের ঘণ্টাধ্বনিও। মৌলভীদের কোলে কোলে থেকে শৈশব কেটেছে। হাতিছড়া বাগানে থেকে বড় হয়েছি। সব সম্প্রদায়কে পাশে নিয়ে চলার মতো আনন্দ আর কিছুতে নেই।

এদিন সংবর্ধনা সভায় ছিলেন এআইসিসি মিডিয়া কো-অর্ডিনেটর তথা পার্টির ন্যাশনাল স্পোকসপার্সন নিঘাত আব্বাস। বক্তব্য রাখতে গিয়ে শুরুতেই শুনিয়ে দেন, ডাঃ অমিত কালোয়ারের মতো বিশিষ্ট চিকিৎসক বড় ব্যক্তিত্ব কংগ্রেস পরিবারে যোগ দিয়েছেন। তা যেমন সুখবর, একইসঙ্গে দলেরও সৌভাগ্য। তিনি এরপর বলেন, অসম সহ দেশকে বাঁচাতে হলে কংগ্রেসকে শাসন ক্ষমতায় আনা ছাড়া বিকল্প কোনও পথ খোলা নেই। অসমে বর্তমান সরকার রাজ্যের সংস্কৃতিকে নষ্ট করছে। ঘৃণার রাজনীতি আমদানি করছে হিন্দু-মুসলমান বিভাজন রেখা টেনে। যেমন কেন্দ্রে মোদি, তেমনই অসমে হিমন্তবিশ্ব। জমি লুণ্ঠন অর্থের নীরব লুণ্ঠন চলছে। আদানি-আম্বানিরা পুষ্ট হচ্ছেন। সরকারের কোনও লজ্জা নেই। অসম থেকে বিজেপিকে তাড়াতে হবে ২৬ শের নির্বাচনে। নয়ত রাজ্যকে রক্ষা করা যাবে না।

আব্বাস শোনান, রাহুল গান্ধী জননেতা। শাহজাদা নন। তাঁর উপর দেশবাসীর প্রবল আস্থা রয়েছে। তিনি কথা প্রসঙ্গে বলেন, জুবিনদা শুধু অসমের নন, ভারতের গর্ব। তিনি রয়েছেন সবার হৃদয়ের গভীরে। তাঁর মৃত্যু রহস্য উদ্ঘাটন হোক। মানুষ ন্যায় চান। রাজ্য সরকার এ নিয়ে রাজনীতি করছে, যা কাম্য নয়। উই ওয়ান্ট জাস্টিজ। সিবিআই তদন্ত হোক। আব্বাস আওয়াজ তোলেন শ্রোতাদের উদ্দেশ্য করে, ন্যায় মিলনা চাহিয়ে ক্যায়া? জবাব আসে সমস্বরে, হা মিলনা চাহিয়ে।

অসম প্রদেশ কংগ্রেস সম্পাদক ও কাছাড়ের ইনচার্জ প্রদীপ গোয়ালা ভোজপুরি ভাষায় বক্তব্য রেখে ভাল সাড়া পান। কারণ, উপস্থিত শ্রোতাদের একাংশ চা বাগানের অধিবাসী ছিলেন। ডাঃ কালোয়ার বড়খলার হাতিছড়া বাগানে কাটিয়েছেন, একথা মাথায় রেখেই গোয়ালা বলেছেন, বাইরের নেতারা চা বাগান অধ্যুষিত অঞ্চলে ঘুরে বেড়ান ভোট এলেই। এরপর ওরা উধাও হয়ে যান। স্বার্থ ছাড়া আসেন না। এসব কথা মনে রাখতে হবে। জেলা মাইনোরিটি ডিপার্টমেন্টের চেয়ারম্যান আনসার হুসেন বড়লস্কর বলেন, এদিন বিমানবন্দর থেকে শিলচর পর্যন্ত ডাঃ অমিত কালোয়ারকে নিয়ে আসতে যে বিশাল গাড়ির লাইন ও উৎসাহ দেখা গিয়েছে তা একটিই ইঙ্গিত দিচ্ছে, রাজ্যে কংগ্রেস ক্ষমতায় আসছে। জেলা কংগ্রেসে সজল আচার্যের নেতৃত্বে আমুল পরিবর্তন এসেছে। এবার একজোট হয়ে দলের স্বার্থে কাজ করে যেতে হবে। বুথে বুথে পৌঁছে কমিটি গঠনের সুপারিশ করেছেন আনসার।

সংবর্ধনা সভার সূচনায় বক্তব্য রাখতে গিয়ে শিলচর জেলা কংগ্রেস সভাপতি সজল আচার্য বলেন, চারদিন আগে গৌরব গগৈর নেতৃত্বে কংগ্রেস পরিবারে এসেছেন ডাঃ অমিত কালোয়ার। কংগ্রেস আদর্শে বিশ্বাসী হয়ে। তিনি শুধুমাত্র বিশিষ্ট চিকিৎসকই নন, একজন সর্বসময়ের সমাজকর্মী। কাছাড় সহ বরাকজুড়ে বহু মেডিক্যাল ক্যাম্প করেছেন। রয়েছে ভাল জনসংযোগ। তাঁর যোগদান অত্যন্ত ভাল খবর। আর তাঁর প্রতি মানুষের ভালবাসা যে প্রবল তা ব্যাপক লোক সমাগমে প্রমাণিত। তাঁকে আনতে চারশ গাড়ি বাইক গিয়েছে বিমানবন্দরমুখী। কথা প্রসঙ্গে সজলবাবু টেনে আনেন, কংগ্রেস সবাইকে সম্মান করে। কংগ্রেসে কোনও ভেদাভেদ নেই। কোনও প্রতিযোগিতা নেই। হাইকমান্ড ঠিক করবে কে কোথায় নির্বাচনে দলীয় প্রার্থী হবেন।

সোমবার রাজীব ভবনের সভামঞ্চে ছিল বহু চেয়ার। মঞ্চে এসে বসার জন্য ডাকা হয় ৩৪ জনের নাম উল্লেখ করে। কিন্তু বিস্ময়কর হল, এগারোজনের বেশি অন্য কেউ মঞ্চে উঠেননি। কারণ ঘোষিত নামগুলির মধ্যে বাকিরা এই অনুষ্ঠানে অনুপস্থিত ছিলেন। এ নিয়ে রাজীব ভবনের অন্দরে কিছু সময় চাপা গলায় নানা কথা বলাবলি হয়। ছিলেন না দুই বিধায়ক বড়খলার মিসবাউল ইসলাম লস্কর, কাটিগড়ার খলিল উদ্দিন মজুমদার সহ এপিসিসি-র পদাধিকারীদের মধ্যে অরুণ দত্তমজুমদার, অজিত সিং, শরিফুজ্জামান লস্কর, আমিনুল হক লস্কর, অভিজিৎ পাল, জাভেদ আখতার লস্কর সহ জেলা মহিলা কংগ্রেস সভাপতি বন্দিতা ত্রিবেদী রায়, দুই প্রাক্তন জেলা সভাপতি প্রদীপকুমার দে, তমালকান্তি বণিক সহ সুজন দত্ত, অতনু ভট্টাচার্য, নিশিকান্ত সরকার, জন্মেজয় চৌধুরী, কুশল দত্ত, ত্রয়োবাসী দাস, নুর ইসলাম বড়লস্কর সহ আরও অনেকে। কেন এই ঢালাও অনুপস্থিতি তা জানা যায়নি। তাই এ নিয়ে গুঞ্জন অব্যাহত থাকে। এদিন সংবর্ধনা সভা মঞ্চে ছিলেন নিঘাত আব্বাস, সজল আচার্য, ডাঃ অমিত কালোয়ার, প্রদীপ গোয়ালা, আনছার হুসেন বড়লস্কর, সজল বণিক, দিলীপ কর, ফরিদা পারভিন লস্কর, অর্ক সাহা, রেজ্জাক আহমেদ ও অর্ক সাহা— এই এগারোজন।

গাজা যুদ্ধ : শান্তির

উন্নতি হতে দেখা যাচ্ছে। এ দিন দুই দফায় জীবিত ইজরায়েলি পণবন্দিদের মুক্তি দেয়। প্রথমে ৭ জনকে, কিছু পর বাকি ২০ জনকে তুলে দেওয়া হয় রেড ক্রশের হাতে। এর পরে ইজরায়েলি প্রতিরক্ষা বাহিনী তাঁদের দেশে ফিরিয়ে নিয়ে যান। উল্টোদিকে বিভিন্ন ইজরায়েলি কারাগার থেকে মুক্তি দেওয়া হয় ১৯,০০০ প্যালেস্তিনীয় বন্দিদের। তাঁদের একাংশকে বাসে করে নিয়ে আসা হয় গাজায়। বাকিদের পৌঁছে দেওয়া হয় ওয়েস্ট ব্যাঙ্কের রামাল্লায়।

রাজ্যসভার আসন নিয়ে

অংশ না নেওয়ার সিদ্ধান্ত নেয়। জম্মু-কাশ্মীর প্রদেশ কংগ্রেস সভাপতি তারিক হামিদ কারা এক সর্বভারতীয় সংবাদ মাধ্যমকে বলেন, ফারুক আব্দুল্লা সোনিয়া গান্ধীকে প্রতিশ্রুতি দিয়েছিলেন, কংগ্রেসকে এক নিরাপদ আসন দেবেন। কিন্তু পরে এনসি একতরফা ভাবে তাদের প্রার্থী ঘোষণা করে। এতে আস্থা ভঙ্গ হয়েছে।
